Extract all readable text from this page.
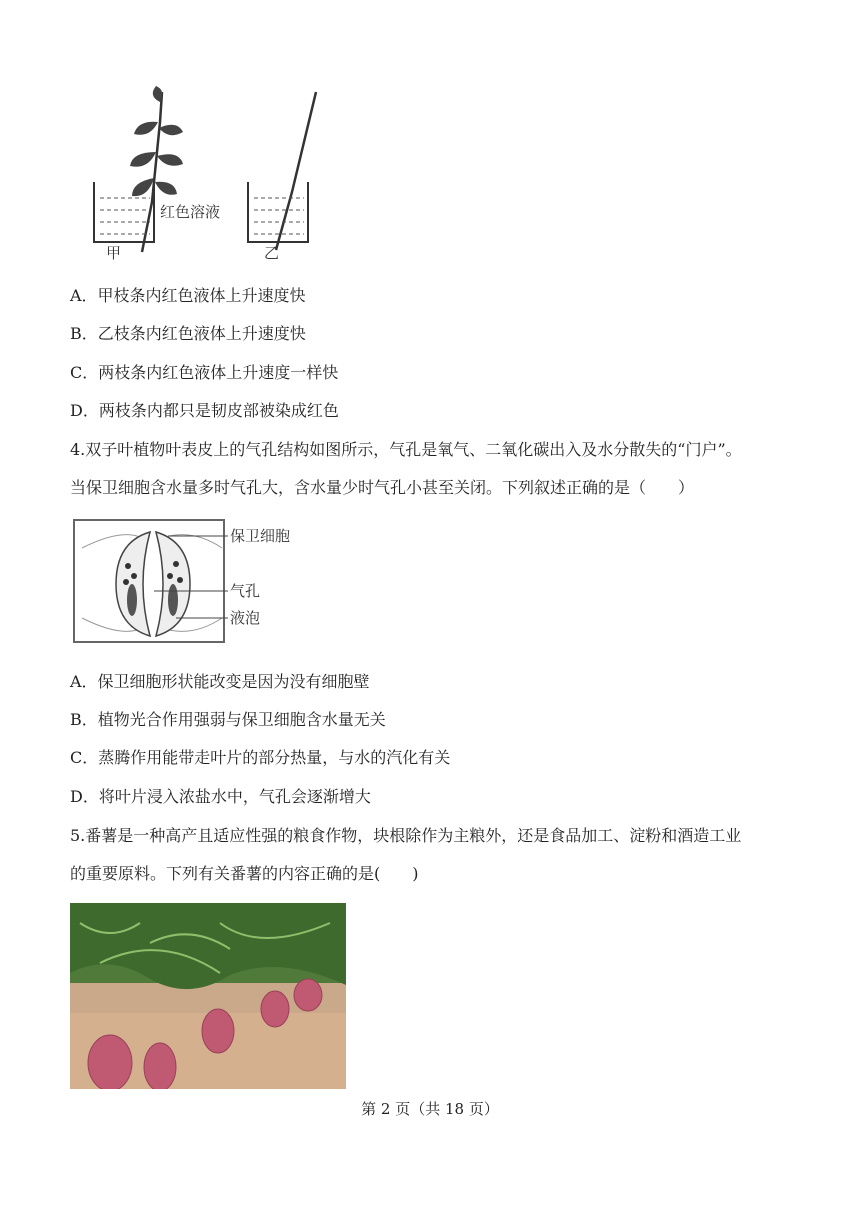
红色溶液
甲	乙
A．甲枝条内红色液体上升速度快
B．乙枝条内红色液体上升速度快
C．两枝条内红色液体上升速度一样快
D．两枝条内都只是韧皮部被染成红色
4.双子叶植物叶表皮上的气孔结构如图所示，气孔是氧气、二氧化碳出入及水分散失的“门户”。
当保卫细胞含水量多时气孔大，含水量少时气孔小甚至关闭。下列叙述正确的是（　　）
保卫细胞
气孔
液泡
A．保卫细胞形状能改变是因为没有细胞壁
B．植物光合作用强弱与保卫细胞含水量无关
C．蒸腾作用能带走叶片的部分热量，与水的汽化有关
D．将叶片浸入浓盐水中，气孔会逐渐增大
5.番薯是一种高产且适应性强的粮食作物，块根除作为主粮外，还是食品加工、淀粉和酒造工业
的重要原料。下列有关番薯的内容正确的是(　　)
第 2 页（共 18 页）
